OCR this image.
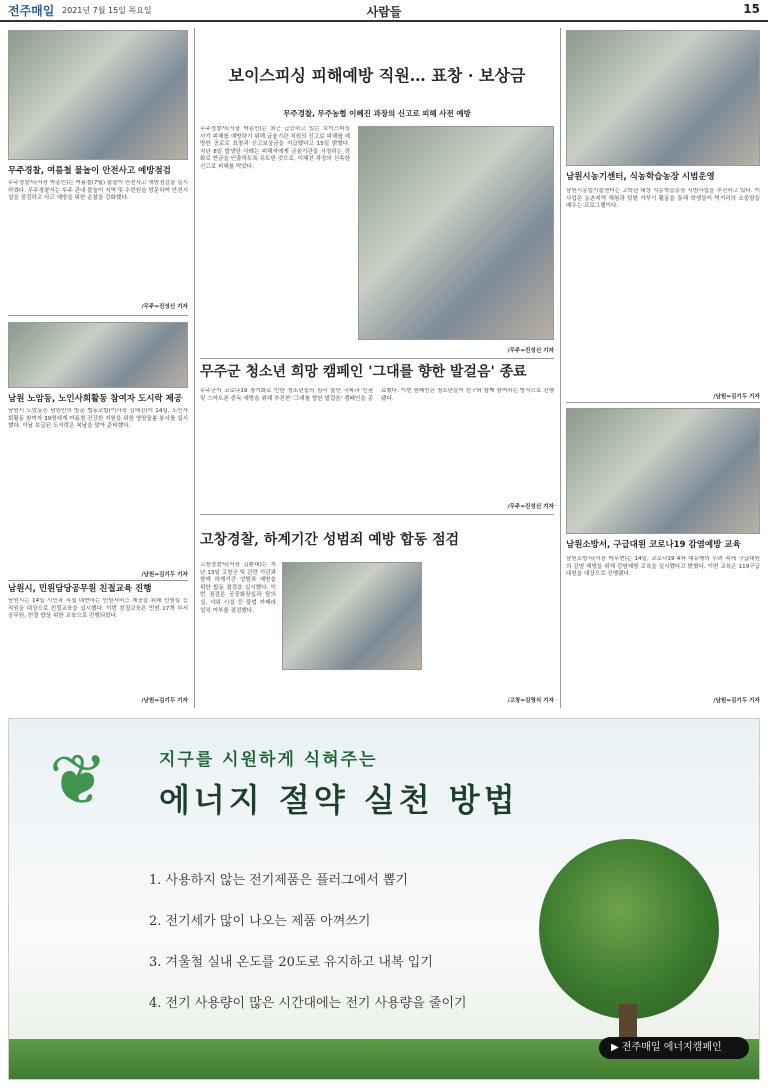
전주매일 2021년 7월 15일 목요일	사람들	15
무주경찰, 여름철 물놀이 안전사고 예방점검
무주경찰서(서장 박종민)는 여름철(7월) 물놀이 안전사고 예방점검을 실시하였다. 무주경찰서는 무주 관내 물놀이 지역 및 수련원을 방문하여 안전시설을 점검하고 사고 예방을 위한 순찰을 강화했다.
/무주=진성신 기자
남원 노암동, 노인사회활동 참여자 도시락 제공
남원시 노암동은 남원인의 방문 협동조합(이사장 김해진)이 14일, 노인사회활동 참여자 39명에게 여름철 건강한 지원을 위한 영양돌봄 봉사를 실시했다. 이날 보급된 도시락은 복날을 맞아 준비했다.
/남원=김기두 기자
남원시, 민원담당공무원 친절교육 진행
남원시는 14일 시민과 직접 대면하는 민원서비스 제공을 위해 민원실 등 직원을 대상으로 친절교육을 실시했다. 이번 친절교육은 민원 17개 부서 공무원, 친절 향상 위한 교육으로 진행되었다.
/남원=김기두 기자
보이스피싱 피해예방 직원… 표창 · 보상금
무주경찰, 무주농협 이혜진 과장의 신고로 피해 사전 예방
무주경찰서(서장 박종민)는 최근 급증하고 있는 보이스피싱 사기 피해를 예방하기 위해 금융기관 직원의 신고로 피해를 예방한 공로로 표창과 신고보상금을 지급했다고 15일 밝혔다. 지난 8일 발생한 사례는 피해자에게 금융기관을 사칭하는 전화로 현금을 인출하도록 유도한 것으로, 이혜진 과장의 신속한 신고로 피해를 막았다.
/무주=진성신 기자
무주군 청소년 희망 캠페인 '그대를 향한 발걸음' 종료
무주군이 코로나19 장기화로 인한 청소년들의 심리 불안 극복과 인권 및 스마트폰 중독 예방을 위해 추진한 '그대를 향한 발걸음' 캠페인을 종료했다. 이번 캠페인은 청소년들이 친구와 함께 참여하는 방식으로 진행됐다.
/무주=진성신 기자
고창경찰, 하계기간 성범죄 예방 합동 점검
고창경찰서(서장 김환대)는 지난 13일 고창군 및 관련 기관과 함께 하계기간 성범죄 예방을 위한 합동 점검을 실시했다. 이번 점검은 공중화장실과 탈의실, 샤워 시설 등 불법 카메라 설치 여부를 점검했다.
/고창=김영식 기자
남원시농기센터, 식농학습농장 시범운영
남원시농업기술센터는 고학년 대상 식농학습농장 시범사업을 추진하고 있다. 이 사업은 농촌지역 체험과 텃밭 가꾸기 활동을 통해 학생들이 먹거리의 소중함을 배우는 프로그램이다.
/남원=김기두 기자
남원소방서, 구급대원 코로나19 감염예방 교육
남원소방서(서장 박무현)는 14일, 코로나19 4차 대유행의 우려 속에 구급대원의 감염 예방을 위해 감염예방 교육을 실시했다고 밝혔다. 이번 교육은 119구급대원을 대상으로 진행됐다.
/남원=김기두 기자
❦	지구를 시원하게 식혀주는
에너지 절약 실천 방법
1. 사용하지 않는 전기제품은 플러그에서 뽑기
2. 전기세가 많이 나오는 제품 아껴쓰기
3. 겨울철 실내 온도를 20도로 유지하고 내복 입기
4. 전기 사용량이 많은 시간대에는 전기 사용량을 줄이기
▶ 전주매일 에너지캠페인
